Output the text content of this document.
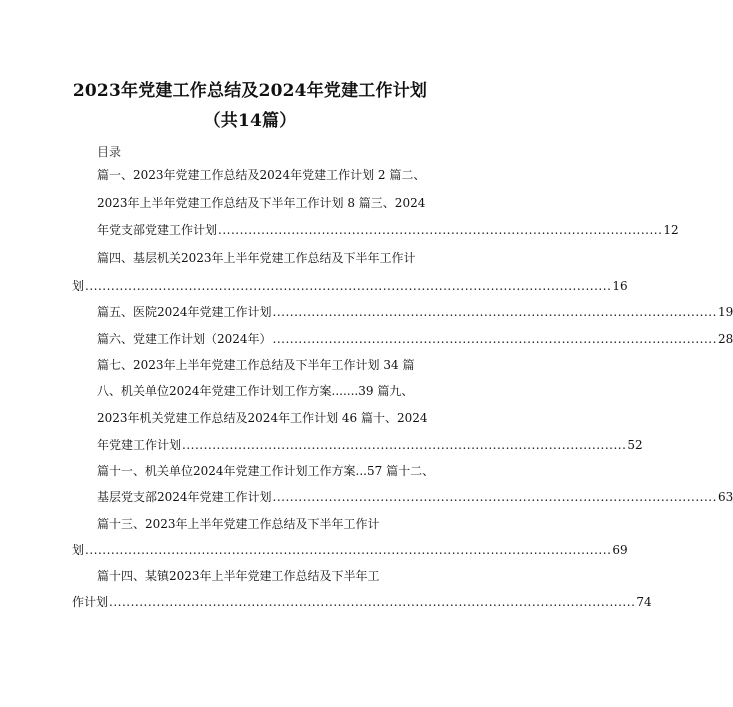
2023年党建工作总结及2024年党建工作计划
（共14篇）
目录
篇一、2023年党建工作总结及2024年党建工作计划 2 篇二、
2023年上半年党建工作总结及下半年工作计划 8 篇三、2024
年党支部党建工作计划 ....................................................................................................... 12
篇四、基层机关2023年上半年党建工作总结及下半年工作计
划 .......................................................................................................................... 16
篇五、医院2024年党建工作计划 ....................................................................................................... 19
篇六、党建工作计划（2024年） ....................................................................................................... 28
篇七、2023年上半年党建工作总结及下半年工作计划 34 篇
八、机关单位2024年党建工作计划工作方案.......39 篇九、
2023年机关党建工作总结及2024年工作计划 46 篇十、2024
年党建工作计划 ....................................................................................................... 52
篇十一、机关单位2024年党建工作计划工作方案...57 篇十二、
基层党支部2024年党建工作计划 ....................................................................................................... 63
篇十三、2023年上半年党建工作总结及下半年工作计
划 .......................................................................................................................... 69
篇十四、某镇2023年上半年党建工作总结及下半年工
作计划 .......................................................................................................................... 74
